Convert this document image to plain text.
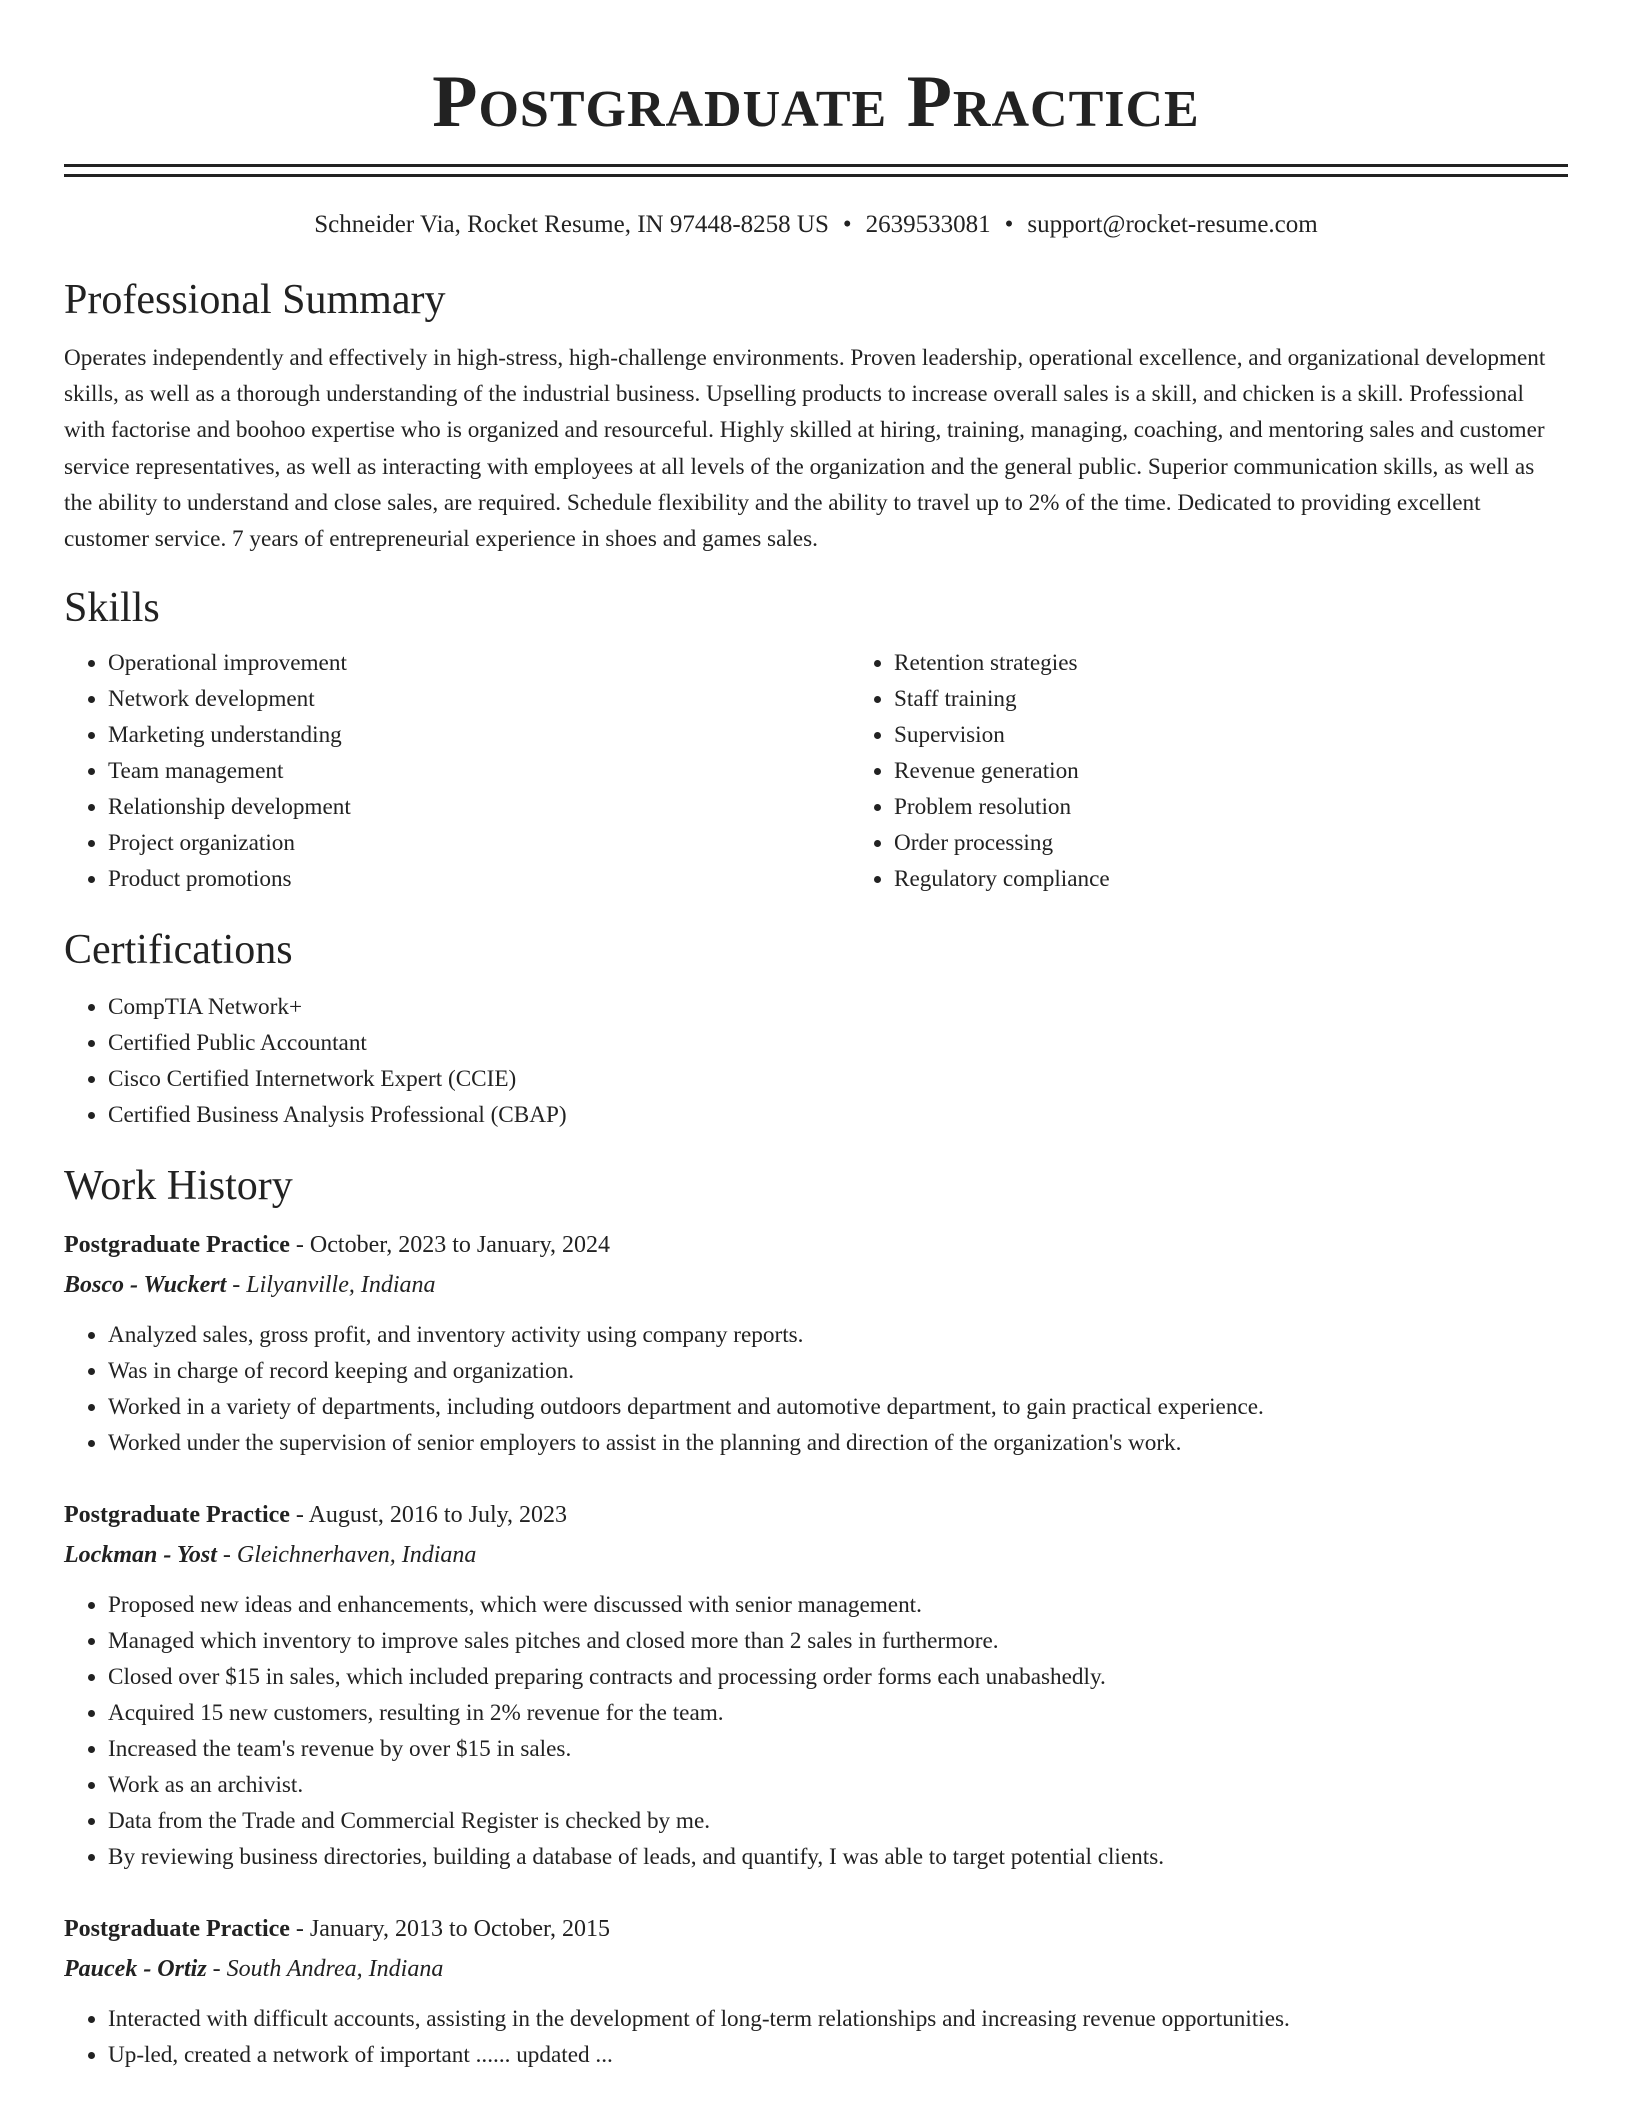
Postgraduate Practice
Schneider Via, Rocket Resume, IN 97448-8258 US • 2639533081 • support@rocket-resume.com
Professional Summary

Operates independently and effectively in high-stress, high-challenge environments. Proven leadership, operational excellence, and organizational development skills, as well as a thorough understanding of the industrial business. Upselling products to increase overall sales is a skill, and chicken is a skill. Professional with factorise and boohoo expertise who is organized and resourceful. Highly skilled at hiring, training, managing, coaching, and mentoring sales and customer service representatives, as well as interacting with employees at all levels of the organization and the general public. Superior communication skills, as well as the ability to understand and close sales, are required. Schedule flexibility and the ability to travel up to 2% of the time. Dedicated to providing excellent customer service. 7 years of entrepreneurial experience in shoes and games sales.

Skills
• Operational improvement
• Network development
• Marketing understanding
• Team management
• Relationship development
• Project organization
• Product promotions
• Retention strategies
• Staff training
• Supervision
• Revenue generation
• Problem resolution
• Order processing
• Regulatory compliance
Certifications
• CompTIA Network+
• Certified Public Accountant
• Cisco Certified Internetwork Expert (CCIE)
• Certified Business Analysis Professional (CBAP)
Work History
Postgraduate Practice - October, 2023 to January, 2024
Bosco - Wuckert - Lilyanville, Indiana
• Analyzed sales, gross profit, and inventory activity using company reports.
• Was in charge of record keeping and organization.
• Worked in a variety of departments, including outdoors department and automotive department, to gain practical experience.
• Worked under the supervision of senior employers to assist in the planning and direction of the organization's work.
Postgraduate Practice - August, 2016 to July, 2023
Lockman - Yost - Gleichnerhaven, Indiana
• Proposed new ideas and enhancements, which were discussed with senior management.
• Managed which inventory to improve sales pitches and closed more than 2 sales in furthermore.
• Closed over $15 in sales, which included preparing contracts and processing order forms each unabashedly.
• Acquired 15 new customers, resulting in 2% revenue for the team.
• Increased the team's revenue by over $15 in sales.
• Work as an archivist.
• Data from the Trade and Commercial Register is checked by me.
• By reviewing business directories, building a database of leads, and quantify, I was able to target potential clients.
Postgraduate Practice - January, 2013 to October, 2015
Paucek - Ortiz - South Andrea, Indiana
• Interacted with difficult accounts, assisting in the development of long-term relationships and increasing revenue opportunities.
• Up-led, created a network of important ...... updated ...
